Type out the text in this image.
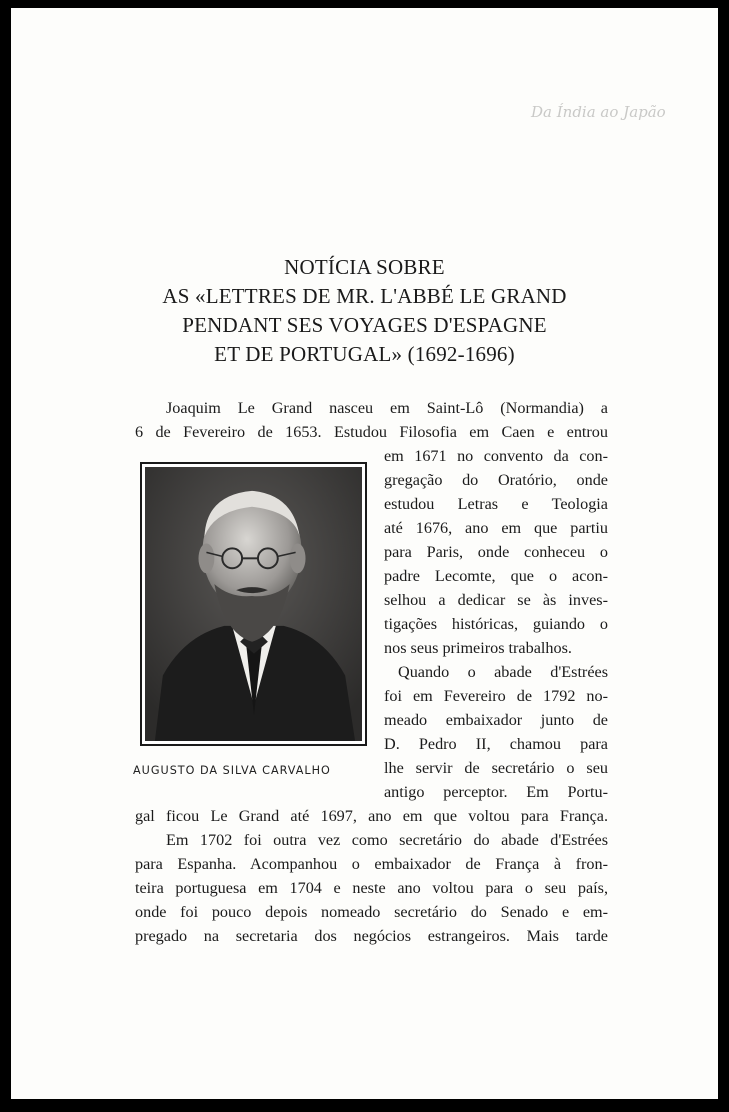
Da Índia ao Japão
NOTÍCIA SOBRE
AS «LETTRES DE MR. L'ABBÉ LE GRAND
PENDANT SES VOYAGES D'ESPAGNE
ET DE PORTUGAL» (1692-1696)
Joaquim Le Grand nasceu em Saint-Lô (Normandia) a
6 de Fevereiro de 1653. Estudou Filosofia em Caen e entrou
em 1671 no convento da con-
gregação do Oratório, onde
estudou Letras e Teologia
até 1676, ano em que partiu
para Paris, onde conheceu o
padre Lecomte, que o acon-
selhou a dedicar se às inves-
tigações históricas, guiando o
nos seus primeiros trabalhos.
Quando o abade d'Estrées
foi em Fevereiro de 1792 no-
meado embaixador junto de
D. Pedro II, chamou para
lhe servir de secretário o seu
antigo perceptor. Em Portu-
gal ficou Le Grand até 1697, ano em que voltou para França.
Em 1702 foi outra vez como secretário do abade d'Estrées
para Espanha. Acompanhou o embaixador de França à fron-
teira portuguesa em 1704 e neste ano voltou para o seu país,
onde foi pouco depois nomeado secretário do Senado e em-
pregado na secretaria dos negócios estrangeiros. Mais tarde
AUGUSTO DA SILVA CARVALHO
